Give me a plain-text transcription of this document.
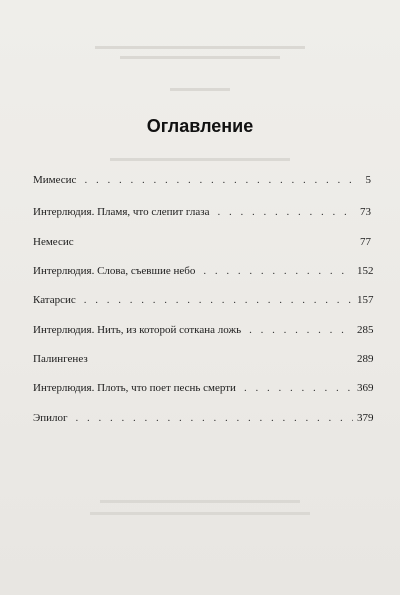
Оглавление
Мимесис . . .	5
Интерлюдия. Пламя, что слепит глаза . . .	73
Немесис	77
Интерлюдия. Слова, съевшие небо . . .	152
Катарсис . . .	157
Интерлюдия. Нить, из которой соткана ложь . . .	285
Палингенез	289
Интерлюдия. Плоть, что поет песнь смерти . . .	369
Эпилог . . .	379
